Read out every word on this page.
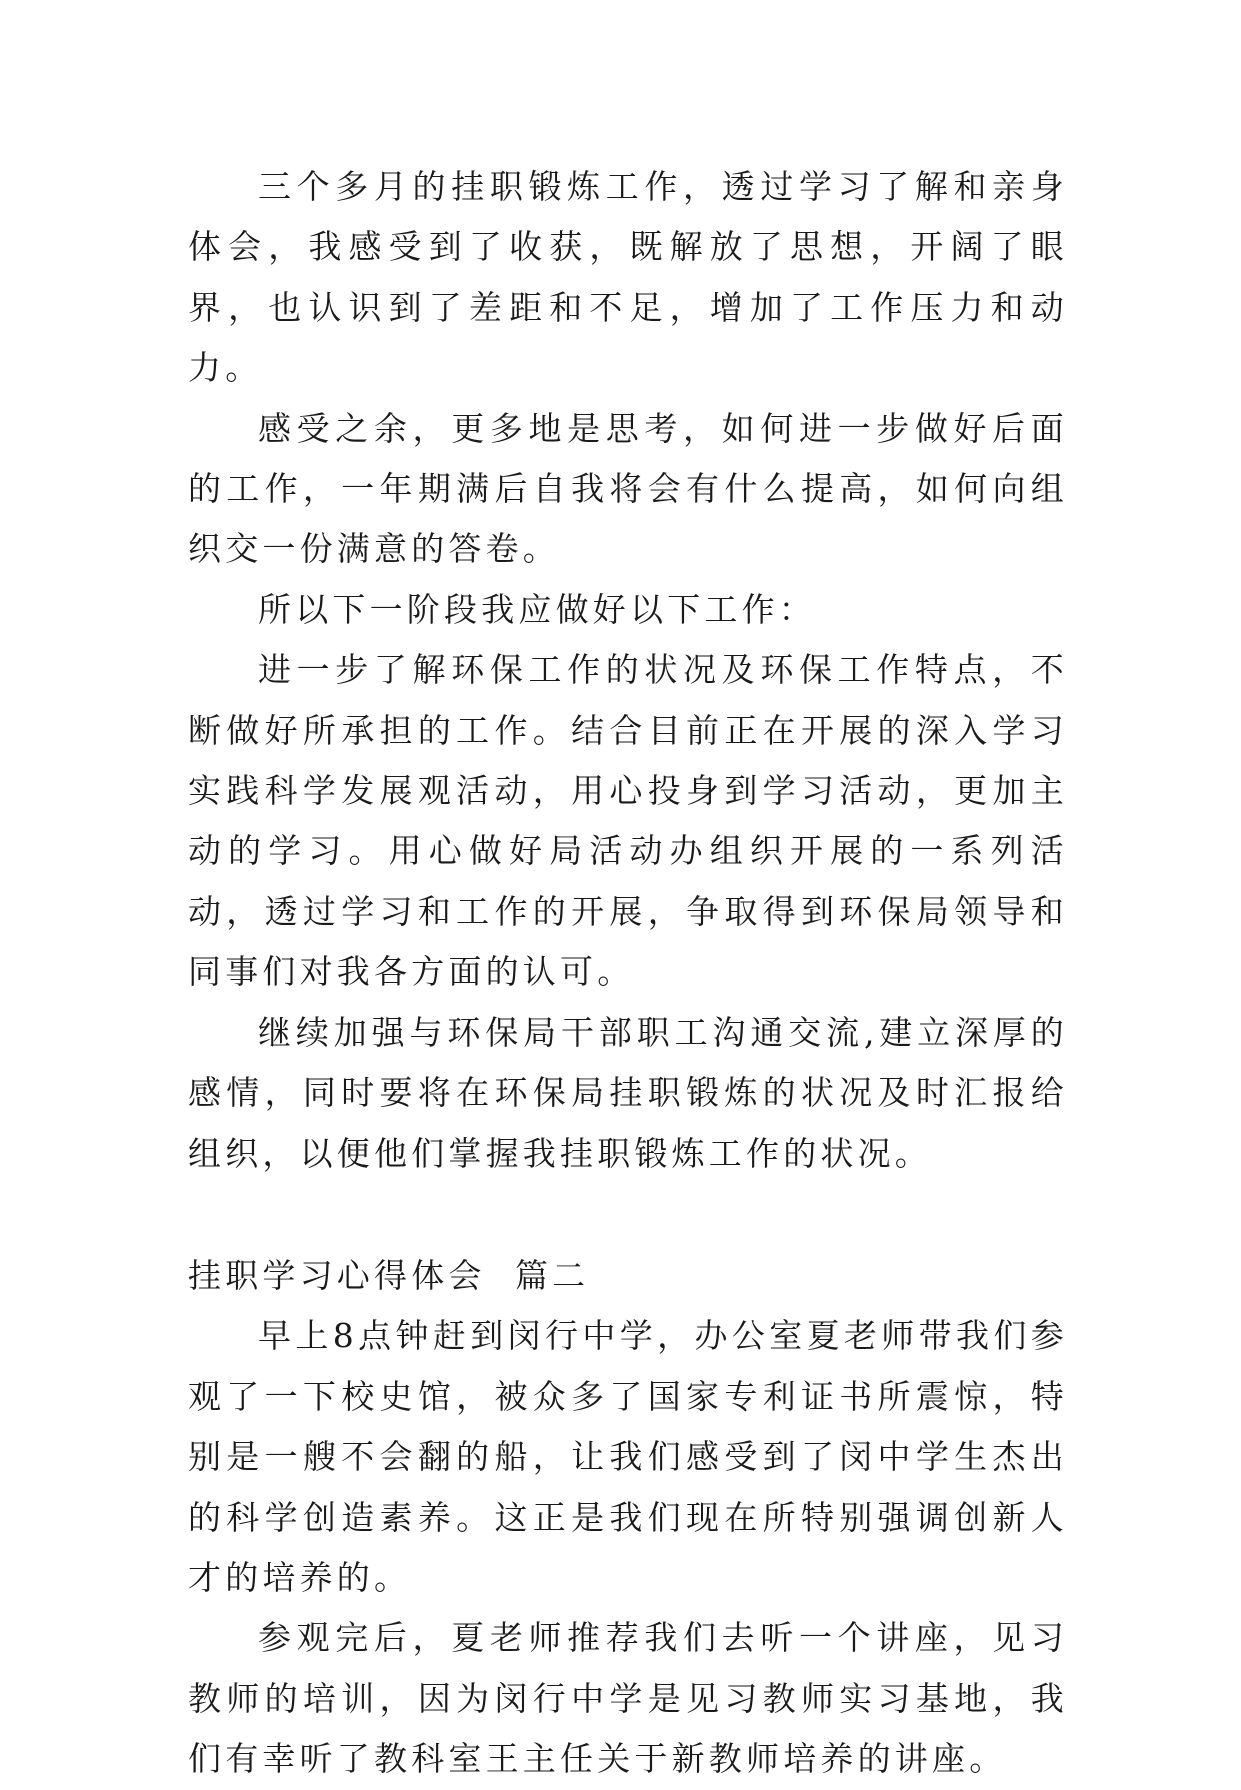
三个多月的挂职锻炼工作，透过学习了解和亲身体会，我感受到了收获，既解放了思想，开阔了眼界，也认识到了差距和不足，增加了工作压力和动力。

感受之余，更多地是思考，如何进一步做好后面的工作，一年期满后自我将会有什么提高，如何向组织交一份满意的答卷。

所以下一阶段我应做好以下工作：

进一步了解环保工作的状况及环保工作特点，不断做好所承担的工作。结合目前正在开展的深入学习实践科学发展观活动，用心投身到学习活动，更加主动的学习。用心做好局活动办组织开展的一系列活动，透过学习和工作的开展，争取得到环保局领导和同事们对我各方面的认可。

继续加强与环保局干部职工沟通交流,建立深厚的感情，同时要将在环保局挂职锻炼的状况及时汇报给组织，以便他们掌握我挂职锻炼工作的状况。

挂职学习心得体会  篇二

早上8点钟赶到闵行中学，办公室夏老师带我们参观了一下校史馆，被众多了国家专利证书所震惊，特别是一艘不会翻的船，让我们感受到了闵中学生杰出的科学创造素养。这正是我们现在所特别强调创新人才的培养的。

参观完后，夏老师推荐我们去听一个讲座，见习教师的培训，因为闵行中学是见习教师实习基地，我们有幸听了教科室王主任关于新教师培养的讲座。
